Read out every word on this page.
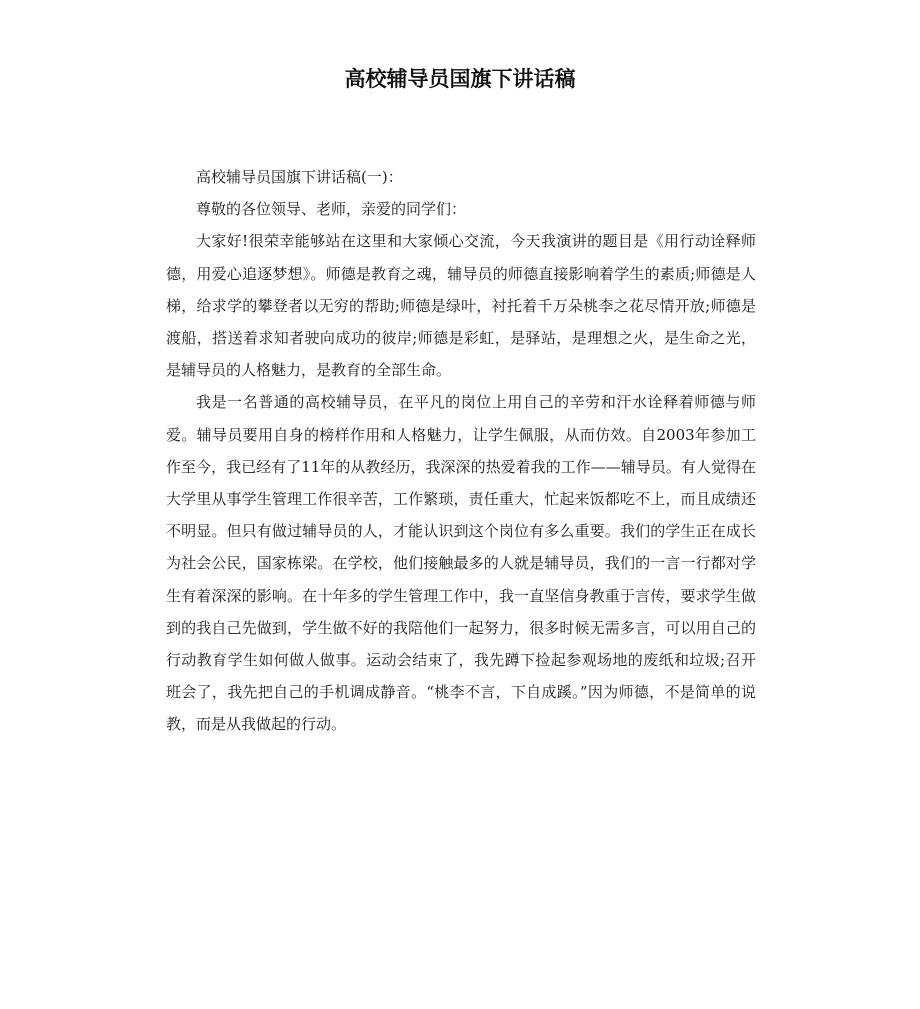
高校辅导员国旗下讲话稿

高校辅导员国旗下讲话稿(一)：

尊敬的各位领导、老师，亲爱的同学们：

大家好!很荣幸能够站在这里和大家倾心交流，今天我演讲的题目是《用行动诠释师德，用爱心追逐梦想》。师德是教育之魂，辅导员的师德直接影响着学生的素质;师德是人梯，给求学的攀登者以无穷的帮助;师德是绿叶，衬托着千万朵桃李之花尽情开放;师德是渡船，搭送着求知者驶向成功的彼岸;师德是彩虹，是驿站，是理想之火，是生命之光，是辅导员的人格魅力，是教育的全部生命。

我是一名普通的高校辅导员，在平凡的岗位上用自己的辛劳和汗水诠释着师德与师爱。辅导员要用自身的榜样作用和人格魅力，让学生佩服，从而仿效。自2003年参加工作至今，我已经有了11年的从教经历，我深深的热爱着我的工作——辅导员。有人觉得在大学里从事学生管理工作很辛苦，工作繁琐，责任重大，忙起来饭都吃不上，而且成绩还不明显。但只有做过辅导员的人，才能认识到这个岗位有多么重要。我们的学生正在成长为社会公民，国家栋梁。在学校，他们接触最多的人就是辅导员，我们的一言一行都对学生有着深深的影响。在十年多的学生管理工作中，我一直坚信身教重于言传，要求学生做到的我自己先做到，学生做不好的我陪他们一起努力，很多时候无需多言，可以用自己的行动教育学生如何做人做事。运动会结束了，我先蹲下捡起参观场地的废纸和垃圾;召开班会了，我先把自己的手机调成静音。“桃李不言，下自成蹊。”因为师德，不是简单的说教，而是从我做起的行动。
